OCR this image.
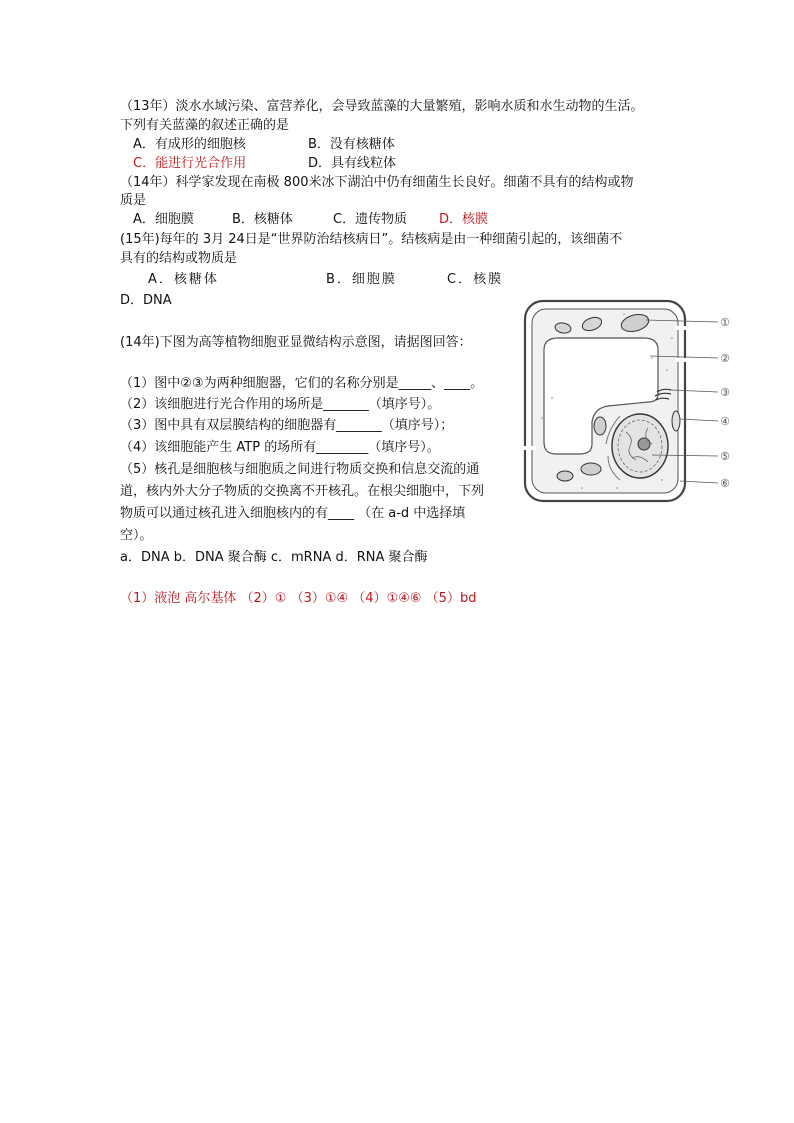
（13年）淡水水域污染、富营养化，会导致蓝藻的大量繁殖，影响水质和水生动物的生活。
下列有关蓝藻的叙述正确的是
A．有成形的细胞核	B．没有核糖体
C．能进行光合作用	D．具有线粒体
（14年）科学家发现在南极 800米冰下湖泊中仍有细菌生长良好。细菌不具有的结构或物
质是
A．细胞膜	B．核糖体	C．遗传物质 D．核膜
(15年)每年的 3月 24日是“世界防治结核病日”。结核病是由一种细菌引起的，该细菌不
具有的结构或物质是
A．核糖体	B．细胞膜	C．核膜
D．DNA
(14年)下图为高等植物细胞亚显微结构示意图，请据图回答：
（1）图中②③为两种细胞器，它们的名称分别是_____、____。
（2）该细胞进行光合作用的场所是_______（填序号）。
（3）图中具有双层膜结构的细胞器有_______（填序号）；
（4）该细胞能产生 ATP 的场所有________（填序号）。
（5）核孔是细胞核与细胞质之间进行物质交换和信息交流的通
道，核内外大分子物质的交换离不开核孔。在根尖细胞中，下列
物质可以通过核孔进入细胞核内的有____ （在 a-d 中选择填
空）。
a．DNA b．DNA 聚合酶 c．mRNA d．RNA 聚合酶
（1）液泡 高尔基体 （2）① （3）①④ （4）①④⑥ （5）bd
①
②
③
④
⑤
⑥
